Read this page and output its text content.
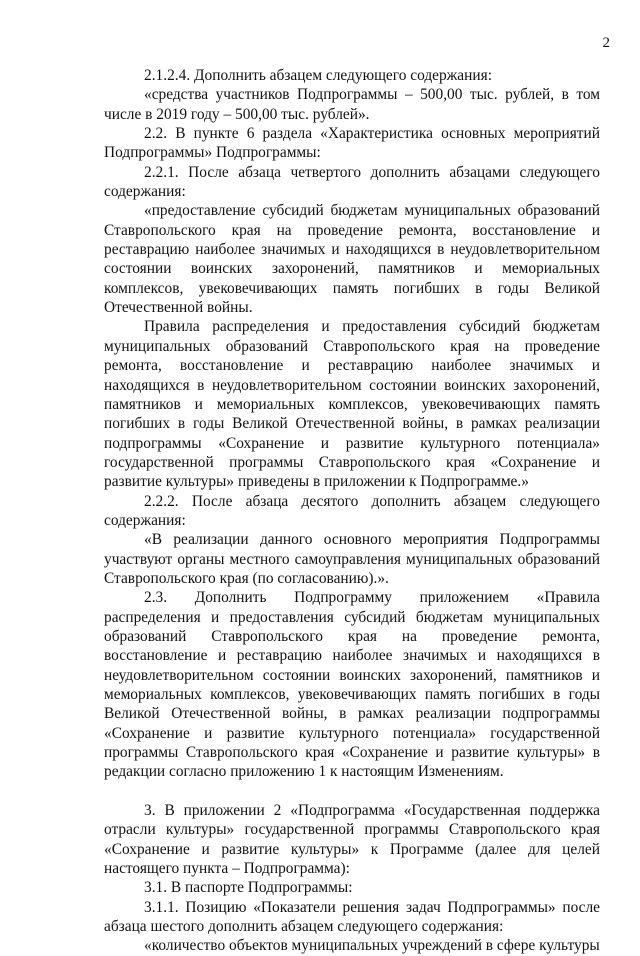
2

2.1.2.4. Дополнить абзацем следующего содержания:

«средства участников Подпрограммы – 500,00 тыс. рублей, в том числе в 2019 году – 500,00 тыс. рублей».

2.2. В пункте 6 раздела «Характеристика основных мероприятий Подпрограммы» Подпрограммы:

2.2.1. После абзаца четвертого дополнить абзацами следующего содержания:

«предоставление субсидий бюджетам муниципальных образований Ставропольского края на проведение ремонта, восстановление и реставрацию наиболее значимых и находящихся в неудовлетворительном состоянии воинских захоронений, памятников и мемориальных комплексов, увековечивающих память погибших в годы Великой Отечественной войны.

Правила распределения и предоставления субсидий бюджетам муниципальных образований Ставропольского края на проведение ремонта, восстановление и реставрацию наиболее значимых и находящихся в неудовлетворительном состоянии воинских захоронений, памятников и мемориальных комплексов, увековечивающих память погибших в годы Великой Отечественной войны, в рамках реализации подпрограммы «Сохранение и развитие культурного потенциала» государственной программы Ставропольского края «Сохранение и развитие культуры» приведены в приложении к Подпрограмме.»

2.2.2. После абзаца десятого дополнить абзацем следующего содержания:

«В реализации данного основного мероприятия Подпрограммы участвуют органы местного самоуправления муниципальных образований Ставропольского края (по согласованию).».

2.3. Дополнить Подпрограмму приложением «Правила распределения и предоставления субсидий бюджетам муниципальных образований Ставропольского края на проведение ремонта, восстановление и реставрацию наиболее значимых и находящихся в неудовлетворительном состоянии воинских захоронений, памятников и мемориальных комплексов, увековечивающих память погибших в годы Великой Отечественной войны, в рамках реализации подпрограммы «Сохранение и развитие культурного потенциала» государственной программы Ставропольского края «Сохранение и развитие культуры» в редакции согласно приложению 1 к настоящим Изменениям.

3. В приложении 2 «Подпрограмма «Государственная поддержка отрасли культуры» государственной программы Ставропольского края «Сохранение и развитие культуры» к Программе (далее для целей настоящего пункта – Подпрограмма):

3.1. В паспорте Подпрограммы:

3.1.1. Позицию «Показатели решения задач Подпрограммы» после абзаца шестого дополнить абзацем следующего содержания:

«количество объектов муниципальных учреждений в сфере культуры
